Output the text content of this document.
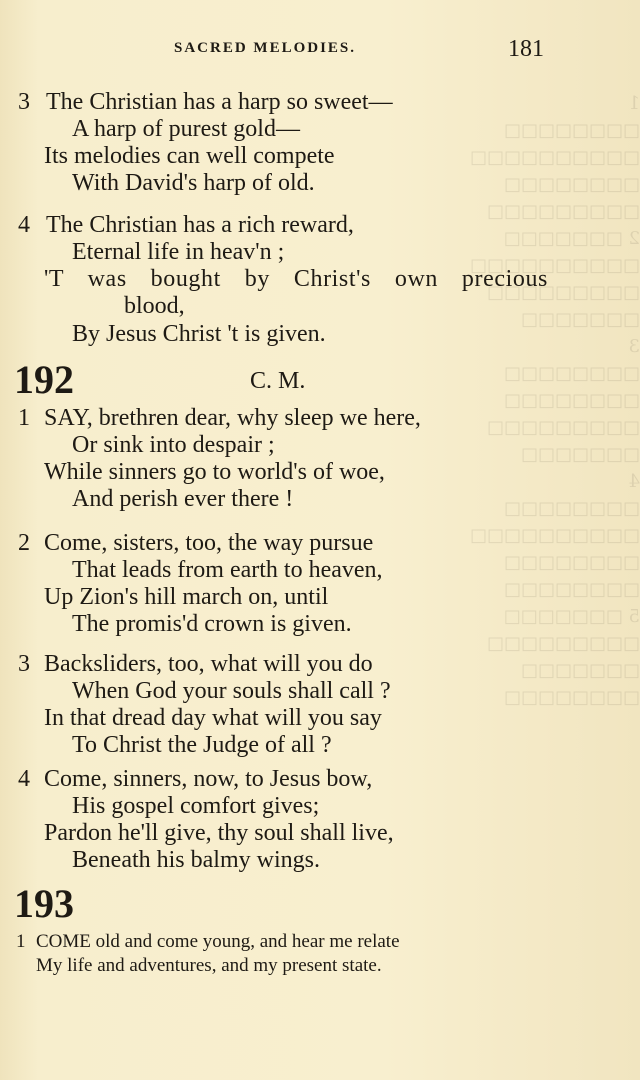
1 □□□□□□□□
□□□□□□□□□□
□□□□□□□□
□□□□□□□□□
2 □□□□□□□
□□□□□□□□□□
□□□□□□□□□
□□□□□□□
3 □□□□□□□□
□□□□□□□□
□□□□□□□□□
□□□□□□□
4 □□□□□□□□
□□□□□□□□□□
□□□□□□□□
□□□□□□□□
5 □□□□□□□
□□□□□□□□□
□□□□□□□
□□□□□□□□
SACRED MELODIES.	181
3 The Christian has a harp so sweet—
A harp of purest gold—
Its melodies can well compete
With David's harp of old.
4 The Christian has a rich reward,
Eternal life in heav'n ;
'T was bought by Christ's own precious
blood,
By Jesus Christ 't is given.
192	C. M.
1 SAY, brethren dear, why sleep we here,
Or sink into despair ;
While sinners go to world's of woe,
And perish ever there !
2 Come, sisters, too, the way pursue
That leads from earth to heaven,
Up Zion's hill march on, until
The promis'd crown is given.
3 Backsliders, too, what will you do
When God your souls shall call ?
In that dread day what will you say
To Christ the Judge of all ?
4 Come, sinners, now, to Jesus bow,
His gospel comfort gives;
Pardon he'll give, thy soul shall live,
Beneath his balmy wings.
193
1 COME old and come young, and hear me relate
My life and adventures, and my present state.
